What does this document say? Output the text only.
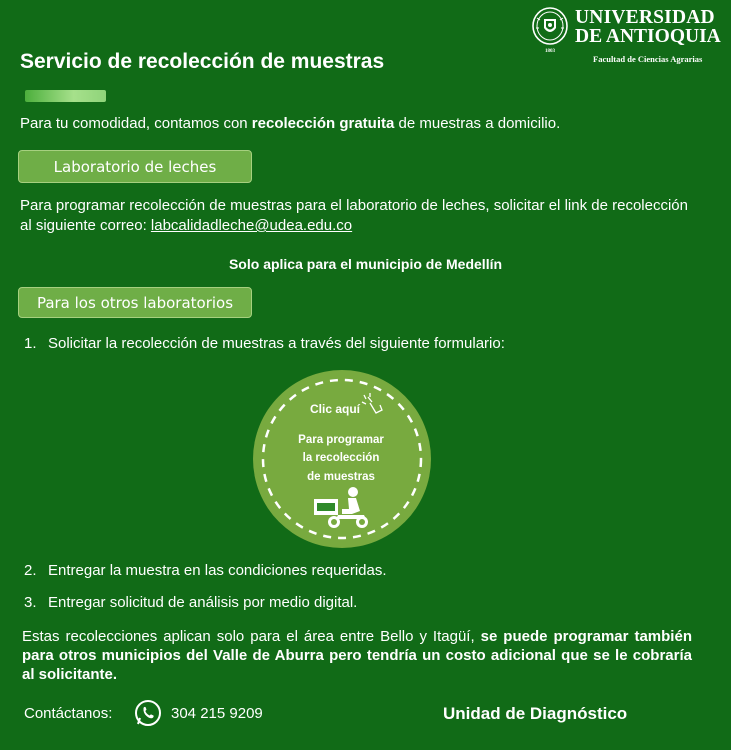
1803
UNIVERSIDAD
DE ANTIOQUIA
Facultad de Ciencias Agrarias
Servicio de recolección de muestras
Para tu comodidad, contamos con recolección gratuita de muestras a domicilio.
Laboratorio de leches
Para programar recolección de muestras para el laboratorio de leches, solicitar el link de recolección al siguiente correo: labcalidadleche@udea.edu.co
Solo aplica para el municipio de Medellín
Para los otros laboratorios
1. Solicitar la recolección de muestras a través del siguiente formulario:
Clic aquí
Para programar
la recolección
de muestras
2. Entregar la muestra en las condiciones requeridas.
3. Entregar solicitud de análisis por medio digital.
Estas recolecciones aplican solo para el área entre Bello y Itagüí, se puede programar también para otros municipios del Valle de Aburra pero tendría un costo adicional que se le cobraría al solicitante.
Contáctanos:	304 215 9209	Unidad de Diagnóstico
